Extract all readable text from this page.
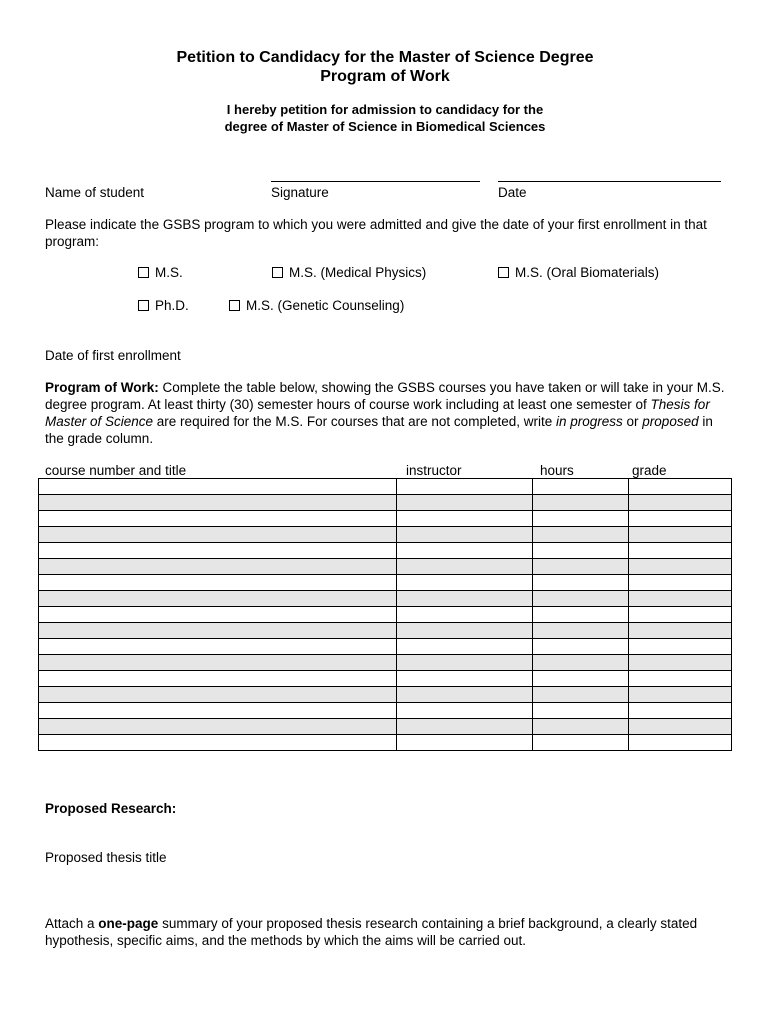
Petition to Candidacy for the Master of Science Degree
Program of Work
I hereby petition for admission to candidacy for the
degree of Master of Science in Biomedical Sciences
Name of student	Signature	Date
Please indicate the GSBS program to which you were admitted and give the date of your first enrollment in that program:
M.S.	M.S. (Medical Physics)	M.S. (Oral Biomaterials)
Ph.D.	M.S. (Genetic Counseling)
Date of first enrollment
Program of Work: Complete the table below, showing the GSBS courses you have taken or will take in your M.S. degree program. At least thirty (30) semester hours of course work including at least one semester of Thesis for Master of Science are required for the M.S. For courses that are not completed, write in progress or proposed in the grade column.
course number and title	instructor	hours	grade

Proposed Research:
Proposed thesis title
Attach a one-page summary of your proposed thesis research containing a brief background, a clearly stated hypothesis, specific aims, and the methods by which the aims will be carried out.
